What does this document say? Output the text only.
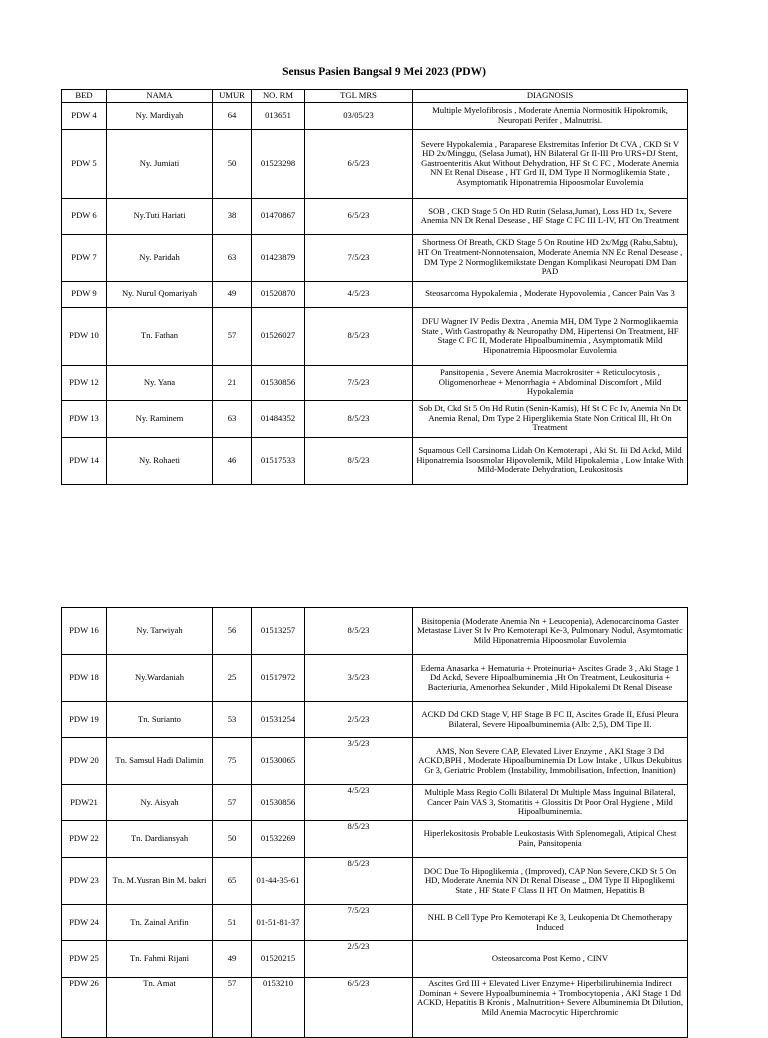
Sensus Pasien Bangsal 9 Mei 2023 (PDW)
BED	NAMA	UMUR	NO. RM	TGL MRS	DIAGNOSIS
PDW 4	Ny. Mardiyah	64	013651	03/05/23	Multiple Myelofibrosis , Moderate Anemia Normositik Hipokromik, Neuropati Perifer , Malnutrisi.
PDW 5	Ny. Jumiati	50	01523298	6/5/23	Severe Hypokalemia , Paraparese Ekstremitas Inferior Dt CVA , CKD St V HD 2x/Minggu, (Selasa Jumat), HN Bilateral Gr II-III Pro URS+DJ Stent, Gastroenteritis Akut Without Dehydration, HF St C FC , Moderate Anemia NN Et Renal Disease , HT Grd II, DM Type II Normoglikemia State , Asymptomatik Hiponatremia Hipoosmolar Euvolemia
PDW 6	Ny.Tuti Hariati	38	01470867	6/5/23	SOB , CKD Stage 5 On HD Rutin (Selasa,Jumat), Loss HD 1x, Severe Anemia NN Dt Renal Desease , HF Stage C FC III L-IV, HT On Treatment
PDW 7	Ny. Paridah	63	01423879	7/5/23	Shortness Of Breath, CKD Stage 5 On Routine HD 2x/Mgg (Rabu,Sabtu), HT On Treatment-Nonnotensaion, Moderate Anemia NN Ec Renal Desease , DM Type 2 Normoglikemikstate Dengan Komplikasi Neuropati DM Dan PAD
PDW 9	Ny. Nurul Qomariyah	49	01520870	4/5/23	Steosarcoma Hypokalemia , Moderate Hypovolemia , Cancer Pain Vas 3
PDW 10	Tn. Fathan	57	01526027	8/5/23	DFU Wagner IV Pedis Dextra , Anemia MH, DM Type 2 Normoglikaemia State , With Gastropathy & Neuropathy DM, Hipertensi On Treatment, HF Stage C FC II, Moderate Hipoalbuminemia , Asymptomatik Mild Hiponatremia Hipoosmolar Euvolemia
PDW 12	Ny. Yana	21	01530856	7/5/23	Pansitopenia , Severe Anemia Macrokrositer + Reticulocytosis , Oligomenorheae + Menorrhagia + Abdominal Discomfort , Mild Hypokalemia
PDW 13	Ny. Raminem	63	01484352	8/5/23	Sob Dt, Ckd St 5 On Hd Rutin (Senin-Kamis), Hf St C Fc Iv, Anemia Nn Dt Anemia Renal, Dm Type 2 Hiperglikemia State Non Critical Ill, Ht On Treatment
PDW 14	Ny. Rohaeti	46	01517533	8/5/23	Squamous Cell Carsinoma Lidah On Kemoterapi , Aki St. Iii Dd Ackd, Mild Hiponatremia Isoosmolar Hipovolemik, Mild Hipokalemia , Low Intake With Mild-Moderate Dehydration, Leukositosis
PDW 16	Ny. Tarwiyah	56	01513257	8/5/23	Bisitopenia (Moderate Anemia Nn + Leucopenia), Adenocarcinoma Gaster Metastase Liver St Iv Pro Kemoterapi Ke-3, Pulmonary Nodul, Asymtomatic Mild Hiponatremia Hipoosmolar Euvolemia
PDW 18	Ny.Wardaniah	25	01517972	3/5/23	Edema Anasarka + Hematuria + Proteinuria+ Ascites Grade 3 , Aki Stage 1 Dd Ackd, Severe Hipoalbuminemia ,Ht On Treatment, Leukosituria + Bacteriuria, Amenorhea Sekunder , Mild Hipokalemi Dt Renal Disease
PDW 19	Tn. Surianto	53	01531254	2/5/23	ACKD Dd CKD Stage V, HF Stage B FC II, Ascites Grade II, Efusi Pleura Bilateral, Severe Hipoalbuminemia (Alb: 2,5), DM Tipe II.
PDW 20	Tn. Samsul Hadi Dalimin	75	01530065	3/5/23	AMS, Non Severe CAP, Elevated Liver Enzyme , AKI Stage 3 Dd ACKD,BPH , Moderate Hipoalbuminemia Dt Low Intake , Ulkus Dekubitus Gr 3, Geriatric Problem (Instability, Immobilisation, Infection, Inanition)
PDW21	Ny. Aisyah	57	01530856	4/5/23	Multiple Mass Regio Colli Bilateral Dt Multiple Mass Inguinal Bilateral, Cancer Pain VAS 3, Stomatitis + Glossitis Dt Poor Oral Hygiene , Mild Hipoalbuminemia.
PDW 22	Tn. Dardiansyah	50	01532269	8/5/23	Hiperlekositosis Probable Leukostasis With Splenomegali, Atipical Chest Pain, Pansitopenia
PDW 23	Tn. M.Yusran Bin M. bakri	65	01-44-35-61	8/5/23	DOC Due To Hipoglikemia , (Improved), CAP Non Severe,CKD St 5 On HD, Moderate Anemia NN Dt Renal Disease ,, DM Type II Hipoglikemi State , HF State F Class II HT On Matmen, Hepatitis B
PDW 24	Tn. Zainal Arifin	51	01-51-81-37	7/5/23	NHL B Cell Type Pro Kemoterapi Ke 3, Leukopenia Dt Chemotherapy Induced
PDW 25	Tn. Fahmi Rijani	49	01520215	2/5/23	Osteosarcoma Post Kemo , CINV
PDW 26	Tn. Amat	57	0153210	6/5/23	Ascites Grd III + Elevated Liver Enzyme+ Hiperbilirubinemia Indirect Dominan + Severe Hypoalbuminemia + Trombocytopenia , AKI Stage 1 Dd ACKD, Hepatitis B Kronis , Malnutrition+ Severe Albuminemia Dt Dilution, Mild Anemia Macrocytic Hiperchromic
